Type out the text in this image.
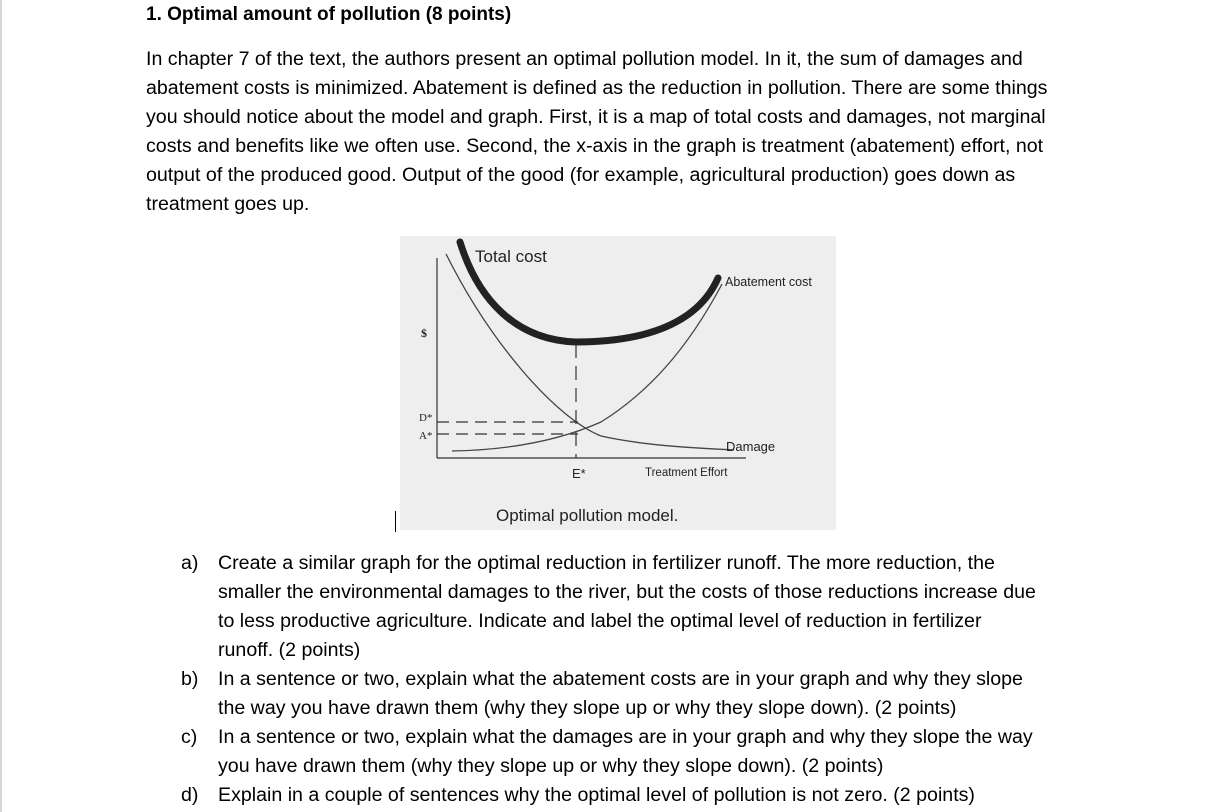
1. Optimal amount of pollution (8 points)
In chapter 7 of the text, the authors present an optimal pollution model. In it, the sum of damages and
abatement costs is minimized. Abatement is defined as the reduction in pollution. There are some things
you should notice about the model and graph. First, it is a map of total costs and damages, not marginal
costs and benefits like we often use. Second, the x-axis in the graph is treatment (abatement) effort, not
output of the produced good. Output of the good (for example, agricultural production) goes down as
treatment goes up.
Total cost
Abatement cost
Damage
$
D*
A*
E*	Treatment Effort
Optimal pollution model.
a) Create a similar graph for the optimal reduction in fertilizer runoff. The more reduction, the
smaller the environmental damages to the river, but the costs of those reductions increase due
to less productive agriculture. Indicate and label the optimal level of reduction in fertilizer
runoff. (2 points)
b) In a sentence or two, explain what the abatement costs are in your graph and why they slope
the way you have drawn them (why they slope up or why they slope down). (2 points)
c) In a sentence or two, explain what the damages are in your graph and why they slope the way
you have drawn them (why they slope up or why they slope down). (2 points)
d) Explain in a couple of sentences why the optimal level of pollution is not zero. (2 points)
